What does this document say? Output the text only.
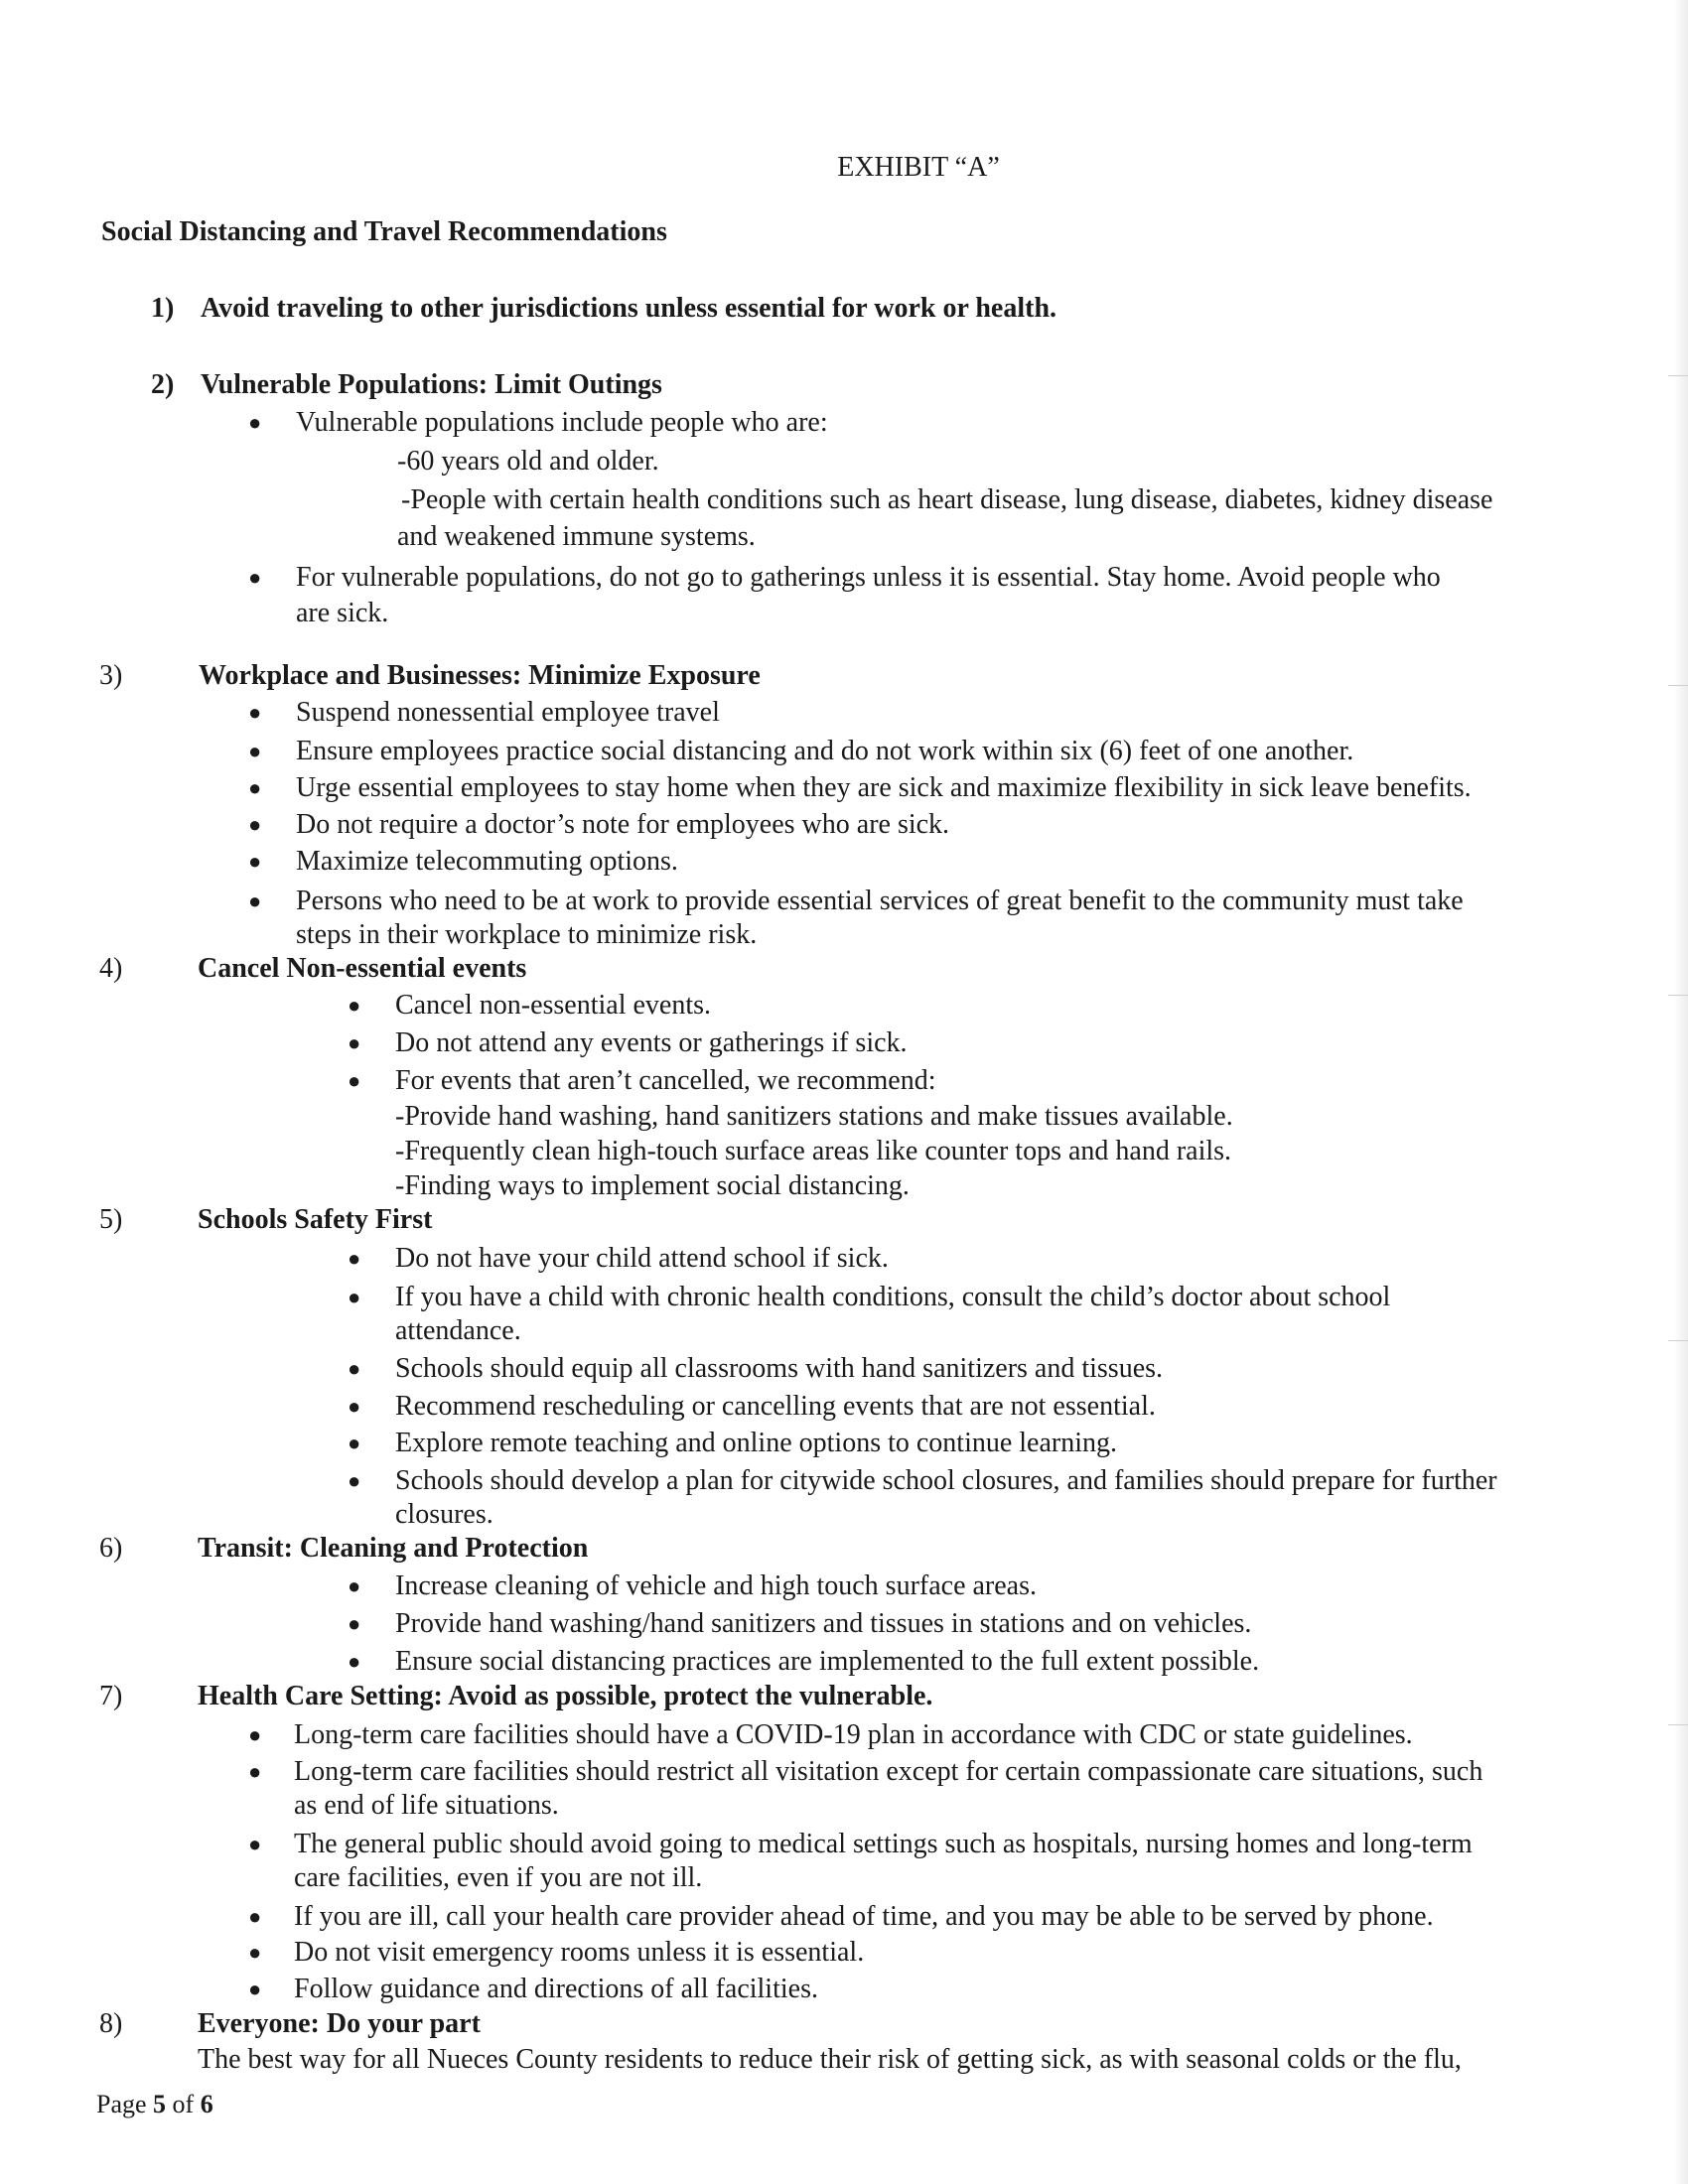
EXHIBIT “A”
Social Distancing and Travel Recommendations
1) Avoid traveling to other jurisdictions unless essential for work or health.
2) Vulnerable Populations: Limit Outings
● Vulnerable populations include people who are:
-60 years old and older.
-People with certain health conditions such as heart disease, lung disease, diabetes, kidney disease
and weakened immune systems.
● For vulnerable populations, do not go to gatherings unless it is essential. Stay home. Avoid people who
are sick.
3)	Workplace and Businesses: Minimize Exposure
● Suspend nonessential employee travel
● Ensure employees practice social distancing and do not work within six (6) feet of one another.
● Urge essential employees to stay home when they are sick and maximize flexibility in sick leave benefits.
● Do not require a doctor’s note for employees who are sick.
● Maximize telecommuting options.
● Persons who need to be at work to provide essential services of great benefit to the community must take
steps in their workplace to minimize risk.
4)	Cancel Non-essential events
● Cancel non-essential events.
● Do not attend any events or gatherings if sick.
● For events that aren’t cancelled, we recommend:
-Provide hand washing, hand sanitizers stations and make tissues available.
-Frequently clean high-touch surface areas like counter tops and hand rails.
-Finding ways to implement social distancing.
5)	Schools Safety First
● Do not have your child attend school if sick.
● If you have a child with chronic health conditions, consult the child’s doctor about school
attendance.
● Schools should equip all classrooms with hand sanitizers and tissues.
● Recommend rescheduling or cancelling events that are not essential.
● Explore remote teaching and online options to continue learning.
● Schools should develop a plan for citywide school closures, and families should prepare for further
closures.
6)	Transit: Cleaning and Protection
● Increase cleaning of vehicle and high touch surface areas.
● Provide hand washing/hand sanitizers and tissues in stations and on vehicles.
● Ensure social distancing practices are implemented to the full extent possible.
7)	Health Care Setting: Avoid as possible, protect the vulnerable.
● Long-term care facilities should have a COVID-19 plan in accordance with CDC or state guidelines.
● Long-term care facilities should restrict all visitation except for certain compassionate care situations, such
as end of life situations.
● The general public should avoid going to medical settings such as hospitals, nursing homes and long-term
care facilities, even if you are not ill.
● If you are ill, call your health care provider ahead of time, and you may be able to be served by phone.
● Do not visit emergency rooms unless it is essential.
● Follow guidance and directions of all facilities.
8)	Everyone: Do your part
The best way for all Nueces County residents to reduce their risk of getting sick, as with seasonal colds or the flu,
Page 5 of 6
